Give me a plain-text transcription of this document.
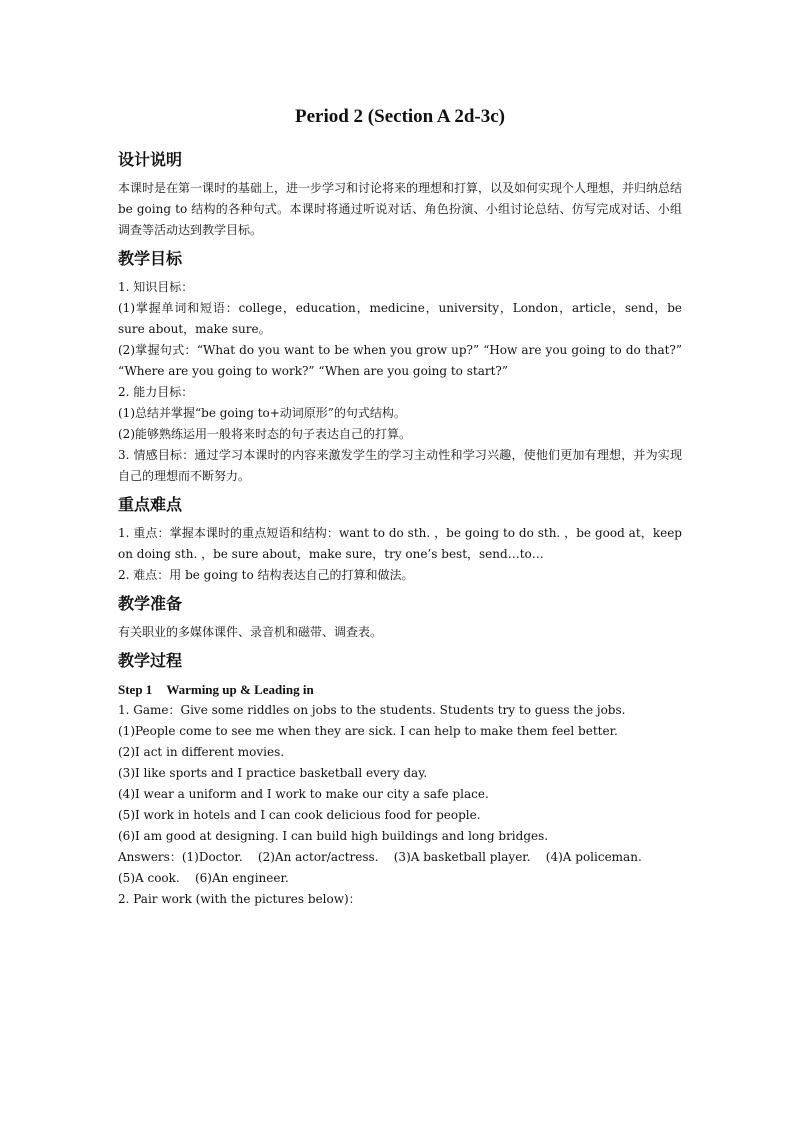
Period 2 (Section A 2d-3c)
设计说明
本课时是在第一课时的基础上，进一步学习和讨论将来的理想和打算，以及如何实现个人理想，并归纳总结 be going to 结构的各种句式。本课时将通过听说对话、角色扮演、小组讨论总结、仿写完成对话、小组调查等活动达到教学目标。
教学目标

1. 知识目标：

(1)掌握单词和短语：college，education，medicine，university，London，article，send，be sure about，make sure。

(2)掌握句式：“What do you want to be when you grow up?” “How are you going to do that?” “Where are you going to work?” “When are you going to start?”

2. 能力目标：

(1)总结并掌握“be going to+动词原形”的句式结构。

(2)能够熟练运用一般将来时态的句子表达自己的打算。

3. 情感目标：通过学习本课时的内容来激发学生的学习主动性和学习兴趣，使他们更加有理想，并为实现自己的理想而不断努力。

重点难点

1. 重点：掌握本课时的重点短语和结构：want to do sth. ，be going to do sth. ，be good at，keep on doing sth. ，be sure about，make sure，try one’s best，send…to…

2. 难点：用 be going to 结构表达自己的打算和做法。

教学准备
有关职业的多媒体课件、录音机和磁带、调查表。
教学过程
Step 1 Warming up & Leading in

1. Game：Give some riddles on jobs to the students. Students try to guess the jobs.

(1)People come to see me when they are sick. I can help to make them feel better.

(2)I act in different movies.

(3)I like sports and I practice basketball every day.

(4)I wear a uniform and I work to make our city a safe place.

(5)I work in hotels and I can cook delicious food for people.

(6)I am good at designing. I can build high buildings and long bridges.

Answers：(1)Doctor.    (2)An actor/actress.    (3)A basketball player.    (4)A policeman.

(5)A cook.    (6)An engineer.

2. Pair work (with the pictures below)：
